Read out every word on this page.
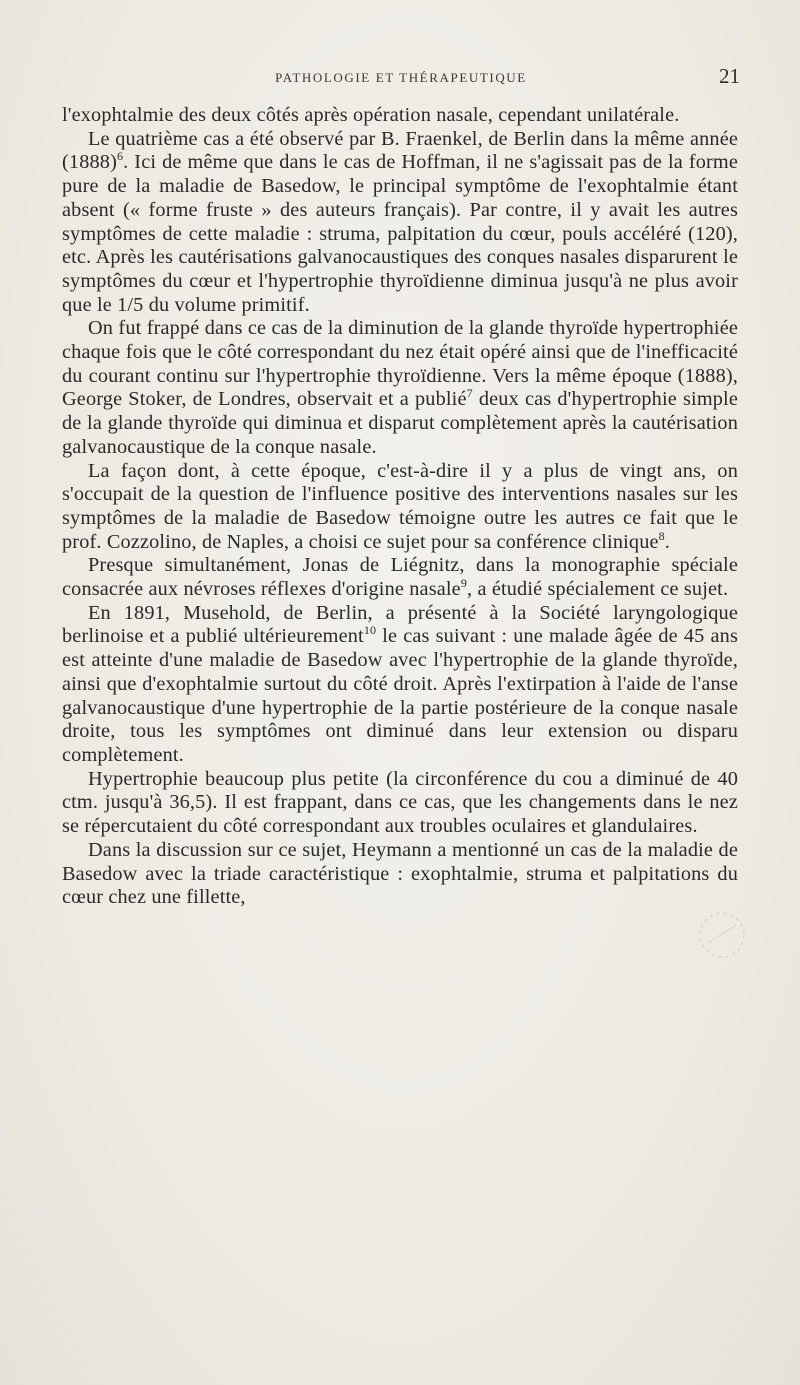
PATHOLOGIE ET THÉRAPEUTIQUE	21

l'exophtalmie des deux côtés après opération nasale, cependant unilatérale.

Le quatrième cas a été observé par B. Fraenkel, de Berlin dans la même année (1888)$^6$. Ici de même que dans le cas de Hoffman, il ne s'agissait pas de la forme pure de la maladie de Basedow, le principal symptôme de l'exophtalmie étant absent (« forme fruste » des auteurs français). Par contre, il y avait les autres symptômes de cette maladie : struma, palpitation du cœur, pouls accéléré (120), etc. Après les cautérisations galvanocaustiques des conques nasales disparurent le symptômes du cœur et l'hypertrophie thyroïdienne diminua jusqu'à ne plus avoir que le 1/5 du volume primitif.

On fut frappé dans ce cas de la diminution de la glande thyroïde hypertrophiée chaque fois que le côté correspondant du nez était opéré ainsi que de l'inefficacité du courant continu sur l'hypertrophie thyroïdienne. Vers la même époque (1888), George Stoker, de Londres, observait et a publié$^7$ deux cas d'hypertrophie simple de la glande thyroïde qui diminua et disparut complètement après la cautérisation galvanocaustique de la conque nasale.

La façon dont, à cette époque, c'est-à-dire il y a plus de vingt ans, on s'occupait de la question de l'influence positive des interventions nasales sur les symptômes de la maladie de Basedow témoigne outre les autres ce fait que le prof. Cozzolino, de Naples, a choisi ce sujet pour sa conférence clinique$^8$.

Presque simultanément, Jonas de Liégnitz, dans la monographie spéciale consacrée aux névroses réflexes d'origine nasale$^9$, a étudié spécialement ce sujet.

En 1891, Musehold, de Berlin, a présenté à la Société laryngologique berlinoise et a publié ultérieurement$^{10}$ le cas suivant : une malade âgée de 45 ans est atteinte d'une maladie de Basedow avec l'hypertrophie de la glande thyroïde, ainsi que d'exophtalmie surtout du côté droit. Après l'extirpation à l'aide de l'anse galvanocaustique d'une hypertrophie de la partie postérieure de la conque nasale droite, tous les symptômes ont diminué dans leur extension ou disparu complètement.

Hypertrophie beaucoup plus petite (la circonférence du cou a diminué de 40 ctm. jusqu'à 36,5). Il est frappant, dans ce cas, que les changements dans le nez se répercutaient du côté correspondant aux troubles oculaires et glandulaires.

Dans la discussion sur ce sujet, Heymann a mentionné un cas de la maladie de Basedow avec la triade caractéristique : exophtalmie, struma et palpitations du cœur chez une fillette,
